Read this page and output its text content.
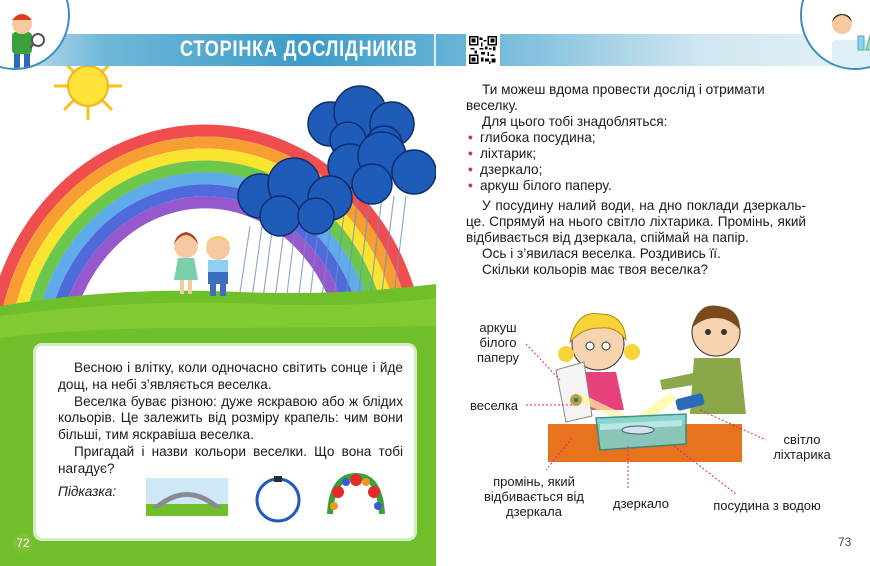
СТОРІНКА ДОСЛІДНИКІВ

Весною і влітку, коли одночасно світить сонце і йде дощ, на небі з’являється веселка.

Веселка буває різною: дуже яскравою або ж блідих кольорів. Це залежить від розміру крапель: чим вони більші, тим яскравіша веселка.

Пригадай і назви кольори веселки. Що вона тобі нагадує?

Підказка:
72	73

Ти можеш вдома провести дослід і отримати веселку.

Для цього тобі знадобляться:

• глибока посудина;
• ліхтарик;
• дзеркало;
• аркуш білого паперу.

У посудину налий води, на дно поклади дзеркаль-це. Спрямуй на нього світло ліхтарика. Промінь, який відбивається від дзеркала, спіймай на папір.

Ось і з’явилася веселка. Роздивись її.

Скільки кольорів має твоя веселка?

аркуш білого паперу
веселка
світло ліхтарика
промінь, який відбивається від дзеркала
дзеркало	посудина з водою
